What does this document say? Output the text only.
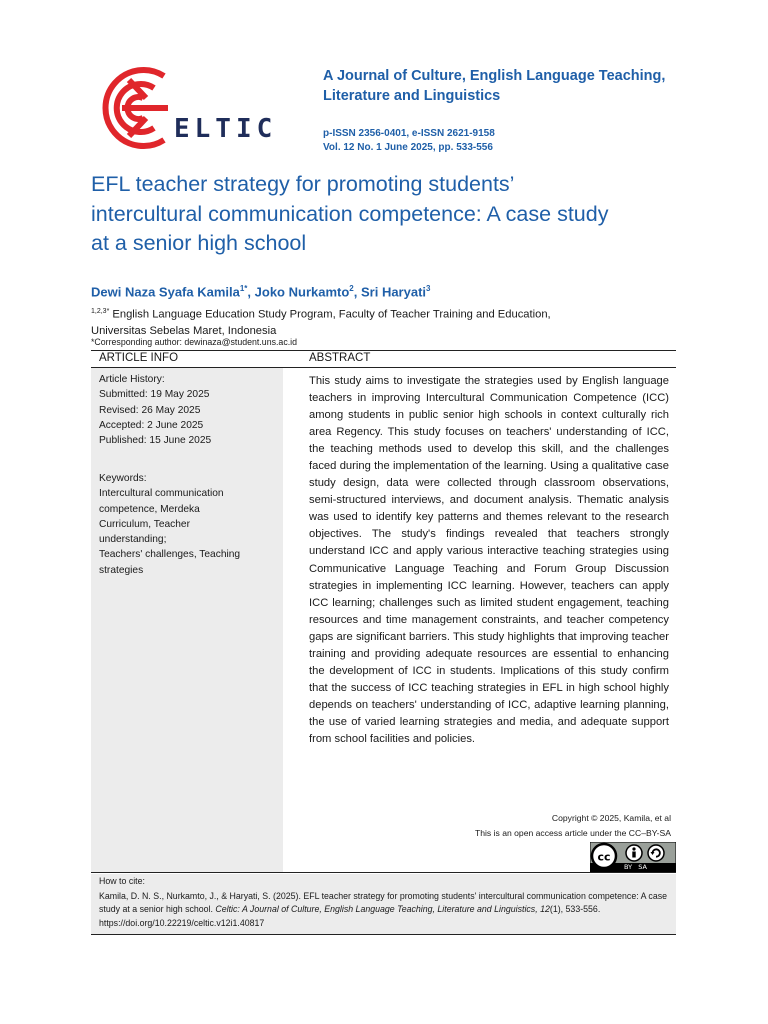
ELTIC
A Journal of Culture, English Language Teaching,
Literature and Linguistics
p-ISSN 2356-0401, e-ISSN 2621-9158
Vol. 12 No. 1 June 2025, pp. 533-556
EFL teacher strategy for promoting students’
intercultural communication competence: A case study
at a senior high school
Dewi Naza Syafa Kamila$^{1*}$, Joko Nurkamto$^2$, Sri Haryati$^3$
$^{1,2,3*}$ English Language Education Study Program, Faculty of Teacher Training and Education,
Universitas Sebelas Maret, Indonesia
*Corresponding author: dewinaza@student.uns.ac.id
ARTICLE INFO	ABSTRACT
Article History:
Submitted: 19 May 2025
Revised: 26 May 2025
Accepted: 2 June 2025
Published: 15 June 2025
Keywords:
Intercultural communication
competence, Merdeka
Curriculum, Teacher
understanding;
Teachers' challenges, Teaching
strategies
This study aims to investigate the strategies used by English language teachers in improving Intercultural Communication Competence (ICC) among students in public senior high schools in context culturally rich area Regency. This study focuses on teachers' understanding of ICC, the teaching methods used to develop this skill, and the challenges faced during the implementation of the learning. Using a qualitative case study design, data were collected through classroom observations, semi-structured interviews, and document analysis. Thematic analysis was used to identify key patterns and themes relevant to the research objectives. The study's findings revealed that teachers strongly understand ICC and apply various interactive teaching strategies using Communicative Language Teaching and Forum Group Discussion strategies in implementing ICC learning. However, teachers can apply ICC learning; challenges such as limited student engagement, teaching resources and time management constraints, and teacher competency gaps are significant barriers. This study highlights that improving teacher training and providing adequate resources are essential to enhancing the development of ICC in students. Implications of this study confirm that the success of ICC teaching strategies in EFL in high school highly depends on teachers' understanding of ICC, adaptive learning planning, the use of varied learning strategies and media, and adequate support from school facilities and policies.
Copyright © 2025, Kamila, et al
This is an open access article under the CC–BY-SA
cc
BY   SA
How to cite:
Kamila, D. N. S., Nurkamto, J., & Haryati, S. (2025). EFL teacher strategy for promoting students' intercultural communication competence: A case study at a senior high school. Celtic: A Journal of Culture, English Language Teaching, Literature and Linguistics, 12(1), 533-556. https://doi.org/10.22219/celtic.v12i1.40817
